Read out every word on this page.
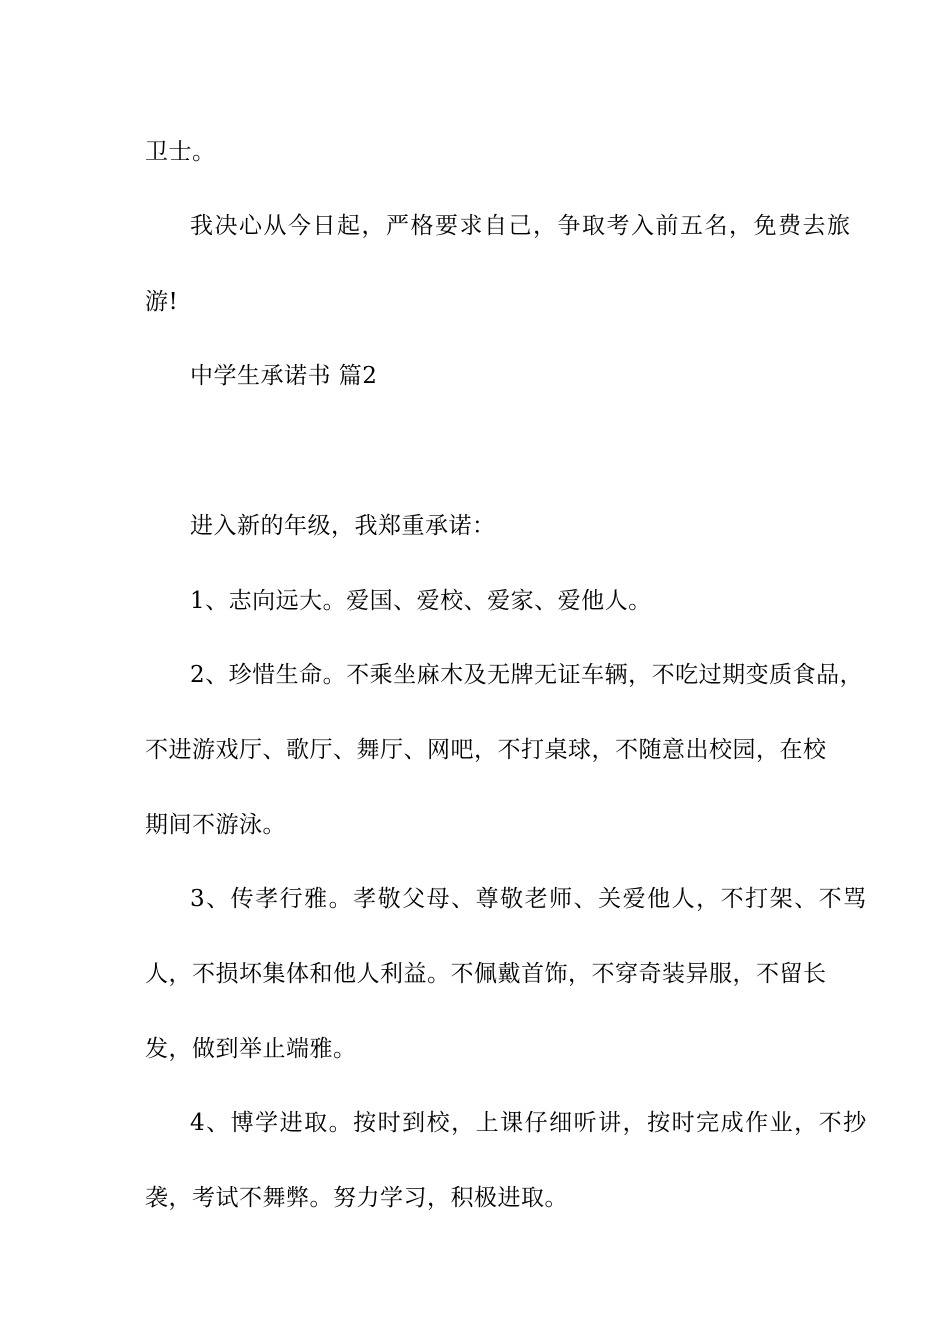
卫士。
我决心从今日起，严格要求自己，争取考入前五名，免费去旅
游!
中学生承诺书 篇2
进入新的年级，我郑重承诺：
1、志向远大。爱国、爱校、爱家、爱他人。
2、珍惜生命。不乘坐麻木及无牌无证车辆，不吃过期变质食品，
不进游戏厅、歌厅、舞厅、网吧，不打桌球，不随意出校园，在校
期间不游泳。
3、传孝行雅。孝敬父母、尊敬老师、关爱他人，不打架、不骂
人，不损坏集体和他人利益。不佩戴首饰，不穿奇装异服，不留长
发，做到举止端雅。
4、博学进取。按时到校，上课仔细听讲，按时完成作业，不抄
袭，考试不舞弊。努力学习，积极进取。
